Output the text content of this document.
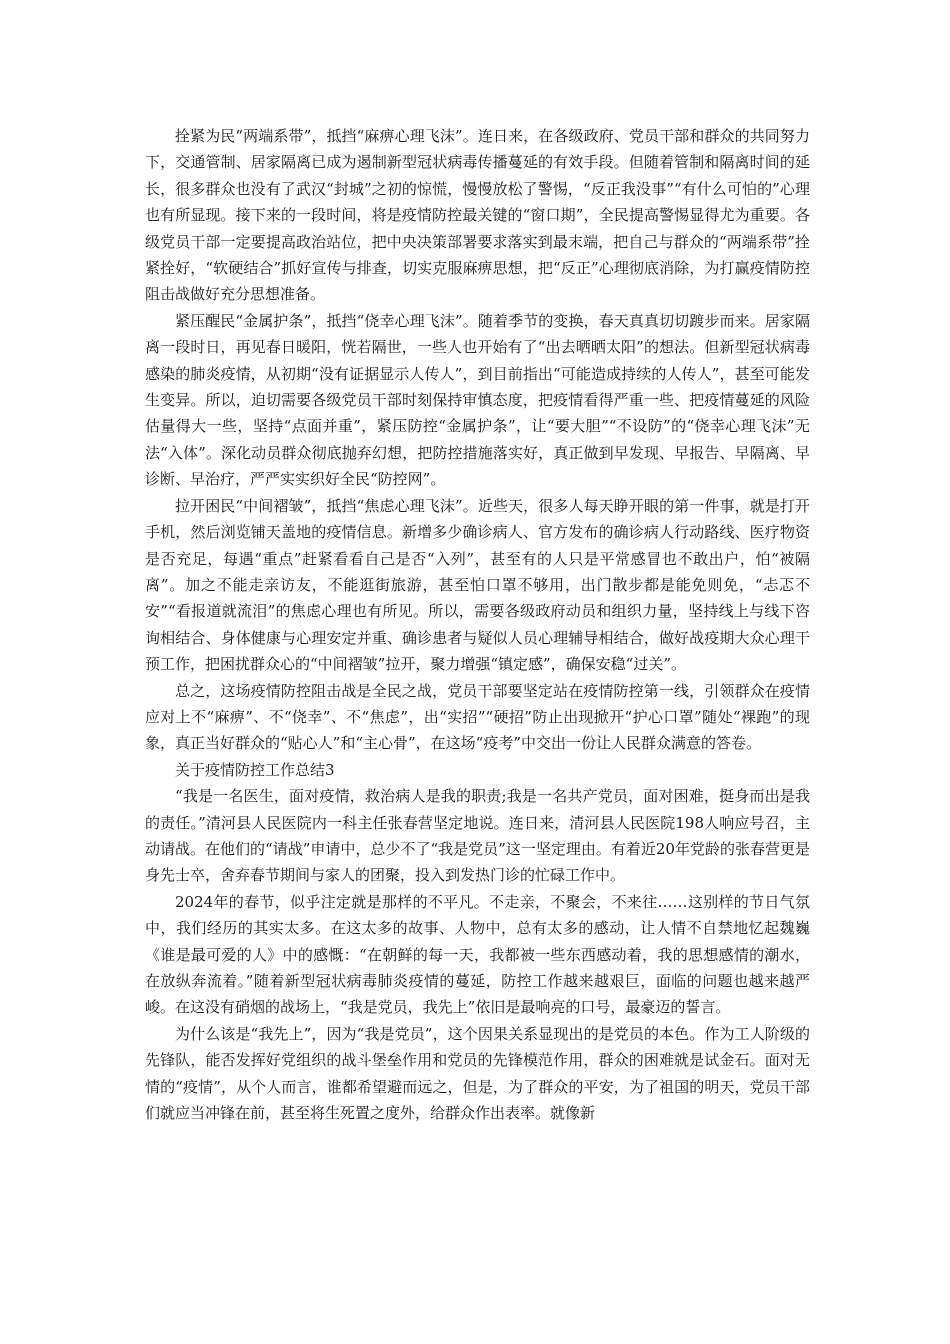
拴紧为民“两端系带”，抵挡“麻痹心理飞沫”。连日来，在各级政府、党员干部和群众的共同努力下，交通管制、居家隔离已成为遏制新型冠状病毒传播蔓延的有效手段。但随着管制和隔离时间的延长，很多群众也没有了武汉“封城”之初的惊慌，慢慢放松了警惕，“反正我没事”“有什么可怕的”心理也有所显现。接下来的一段时间，将是疫情防控最关键的“窗口期”，全民提高警惕显得尤为重要。各级党员干部一定要提高政治站位，把中央决策部署要求落实到最末端，把自己与群众的“两端系带”拴紧拴好，“软硬结合”抓好宣传与排查，切实克服麻痹思想，把“反正”心理彻底消除，为打赢疫情防控阻击战做好充分思想准备。

紧压醒民“金属护条”，抵挡“侥幸心理飞沫”。随着季节的变换，春天真真切切踱步而来。居家隔离一段时日，再见春日暖阳，恍若隔世，一些人也开始有了“出去晒晒太阳”的想法。但新型冠状病毒感染的肺炎疫情，从初期“没有证据显示人传人”，到目前指出“可能造成持续的人传人”，甚至可能发生变异。所以，迫切需要各级党员干部时刻保持审慎态度，把疫情看得严重一些、把疫情蔓延的风险估量得大一些，坚持“点面并重”，紧压防控“金属护条”，让“要大胆”“不设防”的“侥幸心理飞沫”无法“入体”。深化动员群众彻底抛弃幻想，把防控措施落实好，真正做到早发现、早报告、早隔离、早诊断、早治疗，严严实实织好全民“防控网”。

拉开困民“中间褶皱”，抵挡“焦虑心理飞沫”。近些天，很多人每天睁开眼的第一件事，就是打开手机，然后浏览铺天盖地的疫情信息。新增多少确诊病人、官方发布的确诊病人行动路线、医疗物资是否充足，每遇“重点”赶紧看看自己是否“入列”，甚至有的人只是平常感冒也不敢出户，怕“被隔离”。加之不能走亲访友，不能逛街旅游，甚至怕口罩不够用，出门散步都是能免则免，“忐忑不安”“看报道就流泪”的焦虑心理也有所见。所以，需要各级政府动员和组织力量，坚持线上与线下咨询相结合、身体健康与心理安定并重、确诊患者与疑似人员心理辅导相结合，做好战疫期大众心理干预工作，把困扰群众心的“中间褶皱”拉开，聚力增强“镇定感”，确保安稳“过关”。

总之，这场疫情防控阻击战是全民之战，党员干部要坚定站在疫情防控第一线，引领群众在疫情应对上不“麻痹”、不“侥幸”、不“焦虑”，出“实招”“硬招”防止出现掀开“护心口罩”随处“裸跑”的现象，真正当好群众的“贴心人”和“主心骨”，在这场“疫考”中交出一份让人民群众满意的答卷。

关于疫情防控工作总结3

“我是一名医生，面对疫情，救治病人是我的职责;我是一名共产党员，面对困难，挺身而出是我的责任。”清河县人民医院内一科主任张春营坚定地说。连日来，清河县人民医院198人响应号召，主动请战。在他们的“请战”申请中，总少不了“我是党员”这一坚定理由。有着近20年党龄的张春营更是身先士卒，舍弃春节期间与家人的团聚，投入到发热门诊的忙碌工作中。

2024年的春节，似乎注定就是那样的不平凡。不走亲，不聚会，不来往……这别样的节日气氛中，我们经历的其实太多。在这太多的故事、人物中，总有太多的感动，让人情不自禁地忆起魏巍《谁是最可爱的人》中的感慨：“在朝鲜的每一天，我都被一些东西感动着，我的思想感情的潮水，在放纵奔流着。”随着新型冠状病毒肺炎疫情的蔓延，防控工作越来越艰巨，面临的问题也越来越严峻。在这没有硝烟的战场上，“我是党员，我先上”依旧是最响亮的口号，最豪迈的誓言。

为什么该是“我先上”，因为“我是党员”，这个因果关系显现出的是党员的本色。作为工人阶级的先锋队，能否发挥好党组织的战斗堡垒作用和党员的先锋模范作用，群众的困难就是试金石。面对无情的“疫情”，从个人而言，谁都希望避而远之，但是，为了群众的平安，为了祖国的明天，党员干部们就应当冲锋在前，甚至将生死置之度外，给群众作出表率。就像新
